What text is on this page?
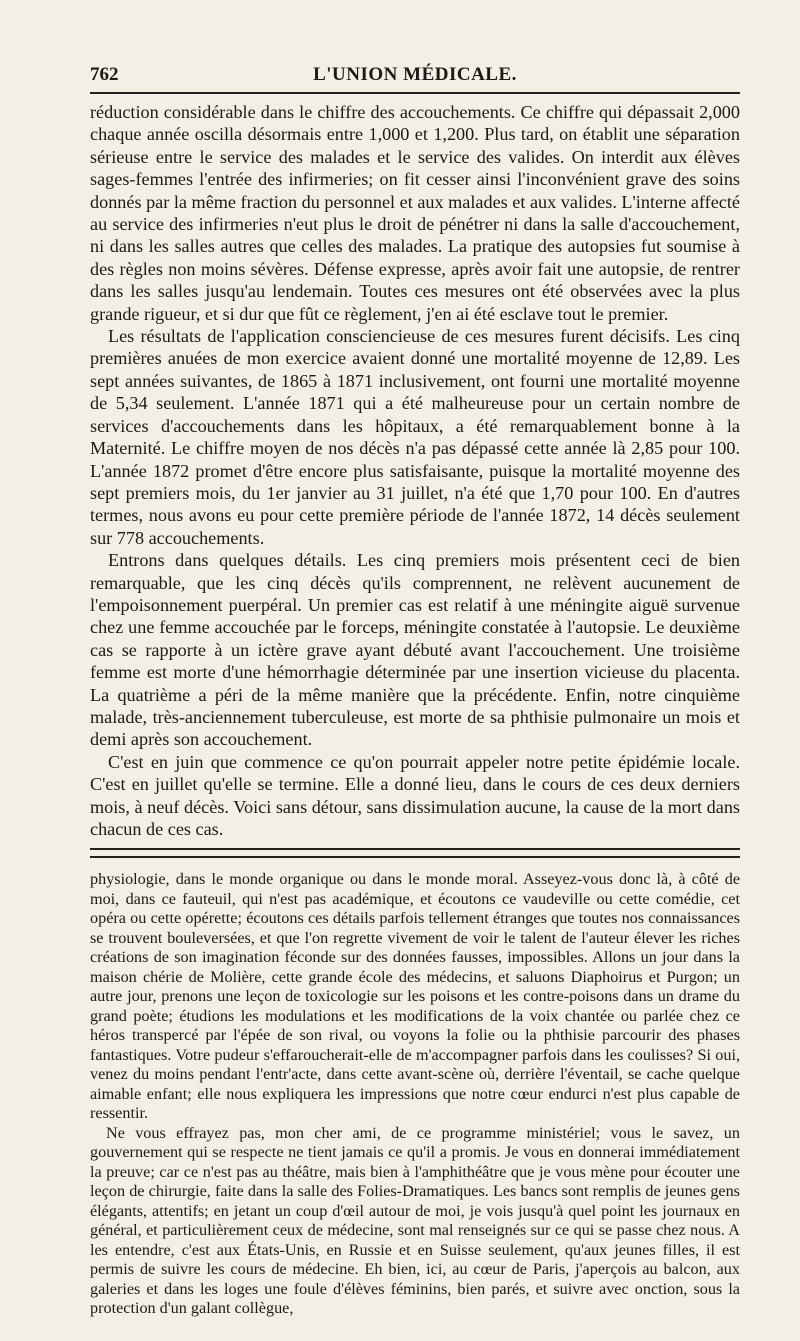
762	L'UNION MÉDICALE.

réduction considérable dans le chiffre des accouchements. Ce chiffre qui dépassait 2,000 chaque année oscilla désormais entre 1,000 et 1,200. Plus tard, on établit une séparation sérieuse entre le service des malades et le service des valides. On interdit aux élèves sages-femmes l'entrée des infirmeries; on fit cesser ainsi l'inconvénient grave des soins donnés par la même fraction du personnel et aux malades et aux valides. L'interne affecté au service des infirmeries n'eut plus le droit de pénétrer ni dans la salle d'accouchement, ni dans les salles autres que celles des malades. La pratique des autopsies fut soumise à des règles non moins sévères. Défense expresse, après avoir fait une autopsie, de rentrer dans les salles jusqu'au lendemain. Toutes ces mesures ont été observées avec la plus grande rigueur, et si dur que fût ce règlement, j'en ai été esclave tout le premier.

Les résultats de l'application consciencieuse de ces mesures furent décisifs. Les cinq premières anuées de mon exercice avaient donné une mortalité moyenne de 12,89. Les sept années suivantes, de 1865 à 1871 inclusivement, ont fourni une mortalité moyenne de 5,34 seulement. L'année 1871 qui a été malheureuse pour un certain nombre de services d'accouchements dans les hôpitaux, a été remarquablement bonne à la Maternité. Le chiffre moyen de nos décès n'a pas dépassé cette année là 2,85 pour 100. L'année 1872 promet d'être encore plus satisfaisante, puisque la mortalité moyenne des sept premiers mois, du 1er janvier au 31 juillet, n'a été que 1,70 pour 100. En d'autres termes, nous avons eu pour cette première période de l'année 1872, 14 décès seulement sur 778 accouchements.

Entrons dans quelques détails. Les cinq premiers mois présentent ceci de bien remarquable, que les cinq décès qu'ils comprennent, ne relèvent aucunement de l'empoisonnement puerpéral. Un premier cas est relatif à une méningite aiguë survenue chez une femme accouchée par le forceps, méningite constatée à l'autopsie. Le deuxième cas se rapporte à un ictère grave ayant débuté avant l'accouchement. Une troisième femme est morte d'une hémorrhagie déterminée par une insertion vicieuse du placenta. La quatrième a péri de la même manière que la précédente. Enfin, notre cinquième malade, très-anciennement tuberculeuse, est morte de sa phthisie pulmonaire un mois et demi après son accouchement.

C'est en juin que commence ce qu'on pourrait appeler notre petite épidémie locale. C'est en juillet qu'elle se termine. Elle a donné lieu, dans le cours de ces deux derniers mois, à neuf décès. Voici sans détour, sans dissimulation aucune, la cause de la mort dans chacun de ces cas.

physiologie, dans le monde organique ou dans le monde moral. Asseyez-vous donc là, à côté de moi, dans ce fauteuil, qui n'est pas académique, et écoutons ce vaudeville ou cette comédie, cet opéra ou cette opérette; écoutons ces détails parfois tellement étranges que toutes nos connaissances se trouvent bouleversées, et que l'on regrette vivement de voir le talent de l'auteur élever les riches créations de son imagination féconde sur des données fausses, impossibles. Allons un jour dans la maison chérie de Molière, cette grande école des médecins, et saluons Diaphoirus et Purgon; un autre jour, prenons une leçon de toxicologie sur les poisons et les contre-poisons dans un drame du grand poète; étudions les modulations et les modifications de la voix chantée ou parlée chez ce héros transpercé par l'épée de son rival, ou voyons la folie ou la phthisie parcourir des phases fantastiques. Votre pudeur s'effaroucherait-elle de m'accompagner parfois dans les coulisses? Si oui, venez du moins pendant l'entr'acte, dans cette avant-scène où, derrière l'éventail, se cache quelque aimable enfant; elle nous expliquera les impressions que notre cœur endurci n'est plus capable de ressentir.

Ne vous effrayez pas, mon cher ami, de ce programme ministériel; vous le savez, un gouvernement qui se respecte ne tient jamais ce qu'il a promis. Je vous en donnerai immédiatement la preuve; car ce n'est pas au théâtre, mais bien à l'amphithéâtre que je vous mène pour écouter une leçon de chirurgie, faite dans la salle des Folies-Dramatiques. Les bancs sont remplis de jeunes gens élégants, attentifs; en jetant un coup d'œil autour de moi, je vois jusqu'à quel point les journaux en général, et particulièrement ceux de médecine, sont mal renseignés sur ce qui se passe chez nous. A les entendre, c'est aux États-Unis, en Russie et en Suisse seulement, qu'aux jeunes filles, il est permis de suivre les cours de médecine. Eh bien, ici, au cœur de Paris, j'aperçois au balcon, aux galeries et dans les loges une foule d'élèves féminins, bien parés, et suivre avec onction, sous la protection d'un galant collègue,
